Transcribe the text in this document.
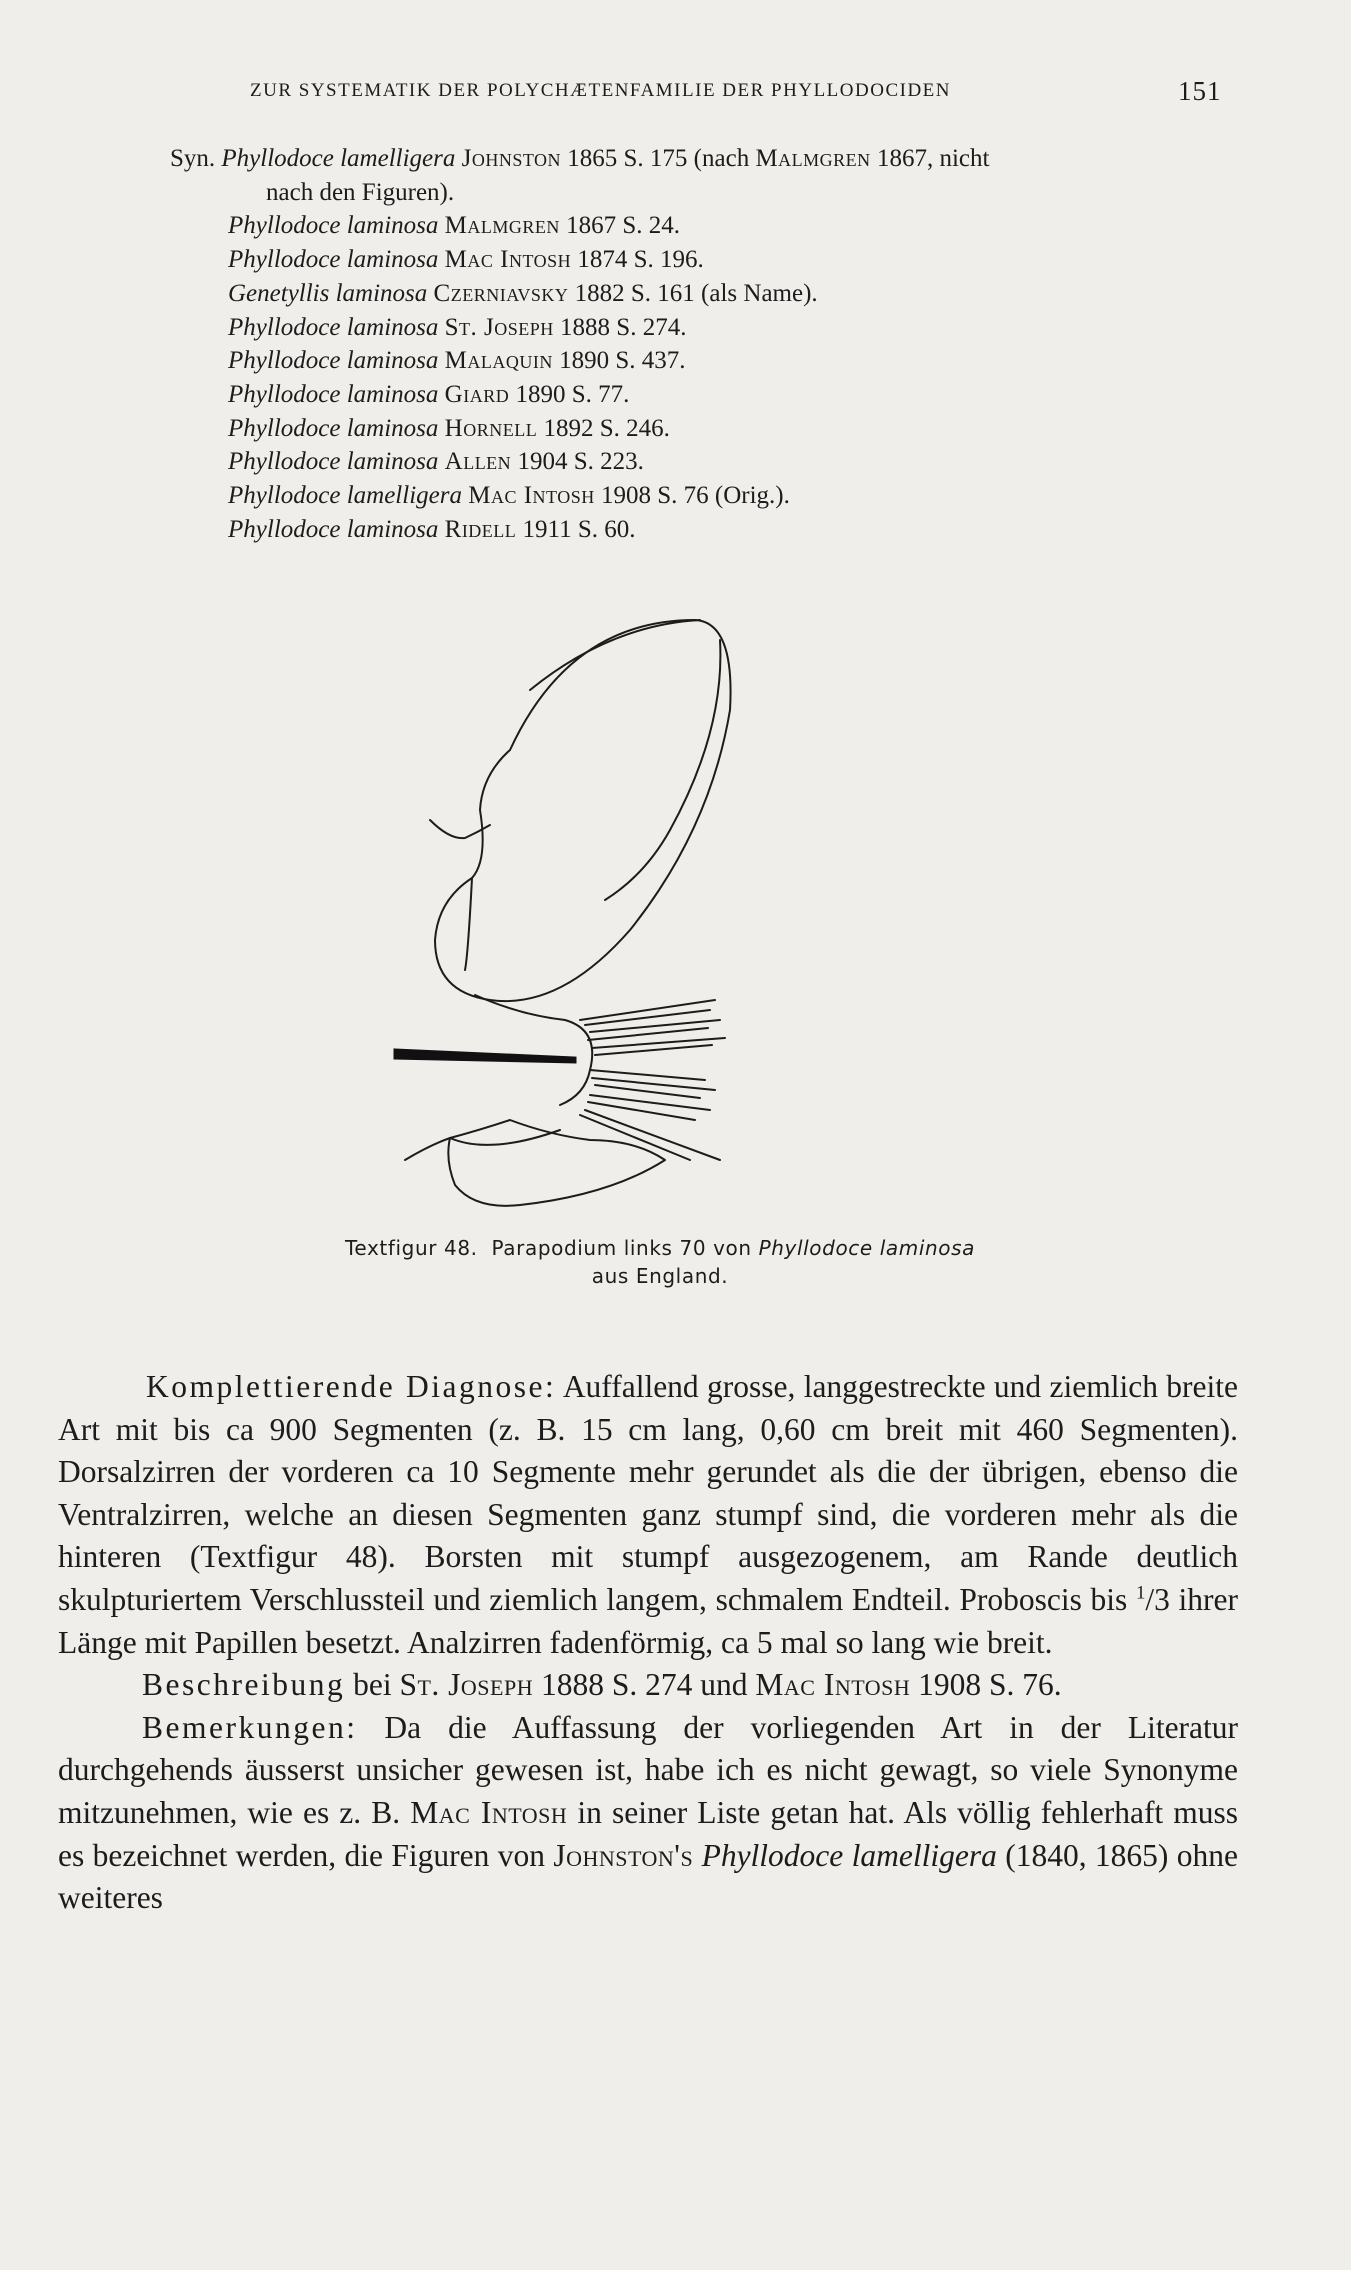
ZUR SYSTEMATIK DER POLYCHÆTENFAMILIE DER PHYLLODOCIDEN	151
Syn. Phyllodoce lamelligera Johnston 1865 S. 175 (nach Malmgren 1867, nicht
nach den Figuren).
Phyllodoce laminosa Malmgren 1867 S. 24.
Phyllodoce laminosa Mac Intosh 1874 S. 196.
Genetyllis laminosa Czerniavsky 1882 S. 161 (als Name).
Phyllodoce laminosa St. Joseph 1888 S. 274.
Phyllodoce laminosa Malaquin 1890 S. 437.
Phyllodoce laminosa Giard 1890 S. 77.
Phyllodoce laminosa Hornell 1892 S. 246.
Phyllodoce laminosa Allen 1904 S. 223.
Phyllodoce lamelligera Mac Intosh 1908 S. 76 (Orig.).
Phyllodoce laminosa Ridell 1911 S. 60.
Textfigur 48. Parapodium links 70 von Phyllodoce laminosa
aus England.

Komplettierende Diagnose: Auffallend grosse, langgestreckte und ziemlich breite Art mit bis ca 900 Segmenten (z. B. 15 cm lang, 0,60 cm breit mit 460 Segmenten). Dorsalzirren der vorderen ca 10 Segmente mehr gerundet als die der übrigen, ebenso die Ventralzirren, welche an diesen Segmenten ganz stumpf sind, die vorderen mehr als die hinteren (Textfigur 48). Borsten mit stumpf ausgezogenem, am Rande deutlich skulpturiertem Verschlussteil und ziemlich langem, schmalem Endteil. Proboscis bis $^1$/3 ihrer Länge mit Papillen besetzt. Analzirren fadenförmig, ca 5 mal so lang wie breit.

Beschreibung bei St. Joseph 1888 S. 274 und Mac Intosh 1908 S. 76.

Bemerkungen: Da die Auffassung der vorliegenden Art in der Literatur durchgehends äusserst unsicher gewesen ist, habe ich es nicht gewagt, so viele Synonyme mitzunehmen, wie es z. B. Mac Intosh in seiner Liste getan hat. Als völlig fehlerhaft muss es bezeichnet werden, die Figuren von Johnston's Phyllodoce lamelligera (1840, 1865) ohne weiteres
